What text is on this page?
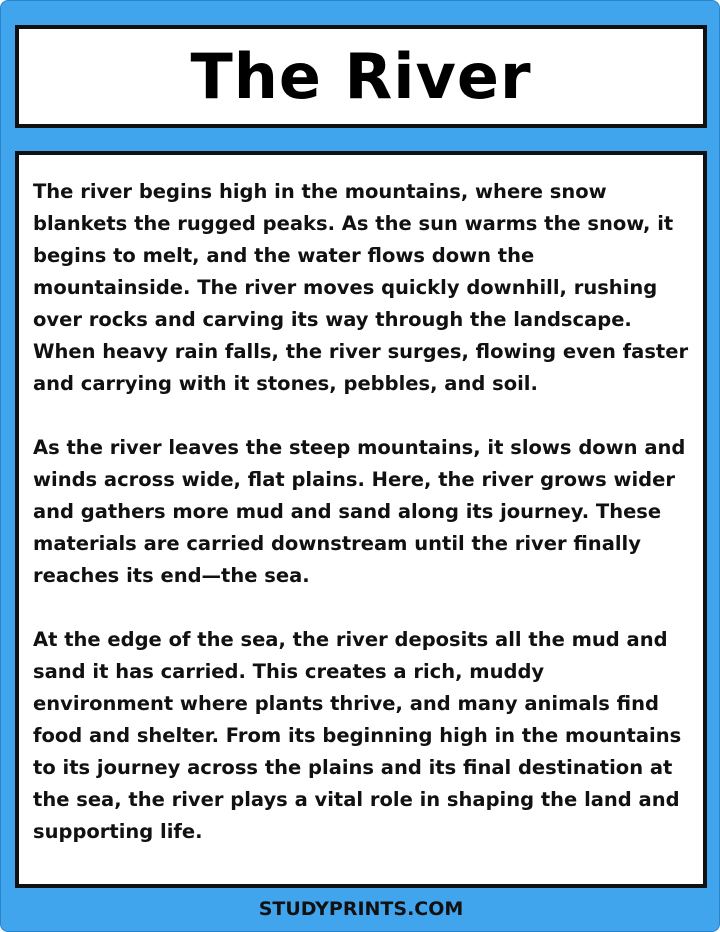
The River

The river begins high in the mountains, where snow blankets the rugged peaks. As the sun warms the snow, it begins to melt, and the water flows down the mountainside. The river moves quickly downhill, rushing over rocks and carving its way through the landscape. When heavy rain falls, the river surges, flowing even faster and carrying with it stones, pebbles, and soil.

As the river leaves the steep mountains, it slows down and winds across wide, flat plains. Here, the river grows wider and gathers more mud and sand along its journey. These materials are carried downstream until the river finally reaches its end—the sea.

At the edge of the sea, the river deposits all the mud and sand it has carried. This creates a rich, muddy environment where plants thrive, and many animals find food and shelter. From its beginning high in the mountains to its journey across the plains and its final destination at the sea, the river plays a vital role in shaping the land and supporting life.

STUDYPRINTS.COM
